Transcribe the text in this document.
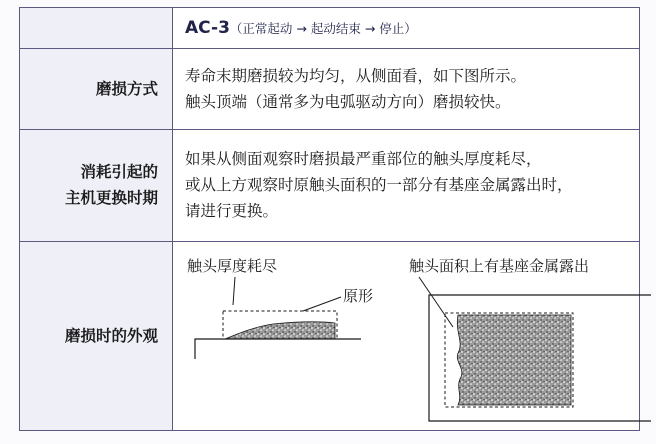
	AC-3（正常起动 → 起动结束 → 停止）

磨损方式	寿命末期磨损较为均匀，从侧面看，如下图所示。
触头顶端（通常多为电弧驱动方向）磨损较快。

消耗引起的
主机更换时期	如果从侧面观察时磨损最严重部位的触头厚度耗尽，
或从上方观察时原触头面积的一部分有基座金属露出时，
请进行更换。

磨损时的外观	触头厚度耗尽
原形
触头面积上有基座金属露出
